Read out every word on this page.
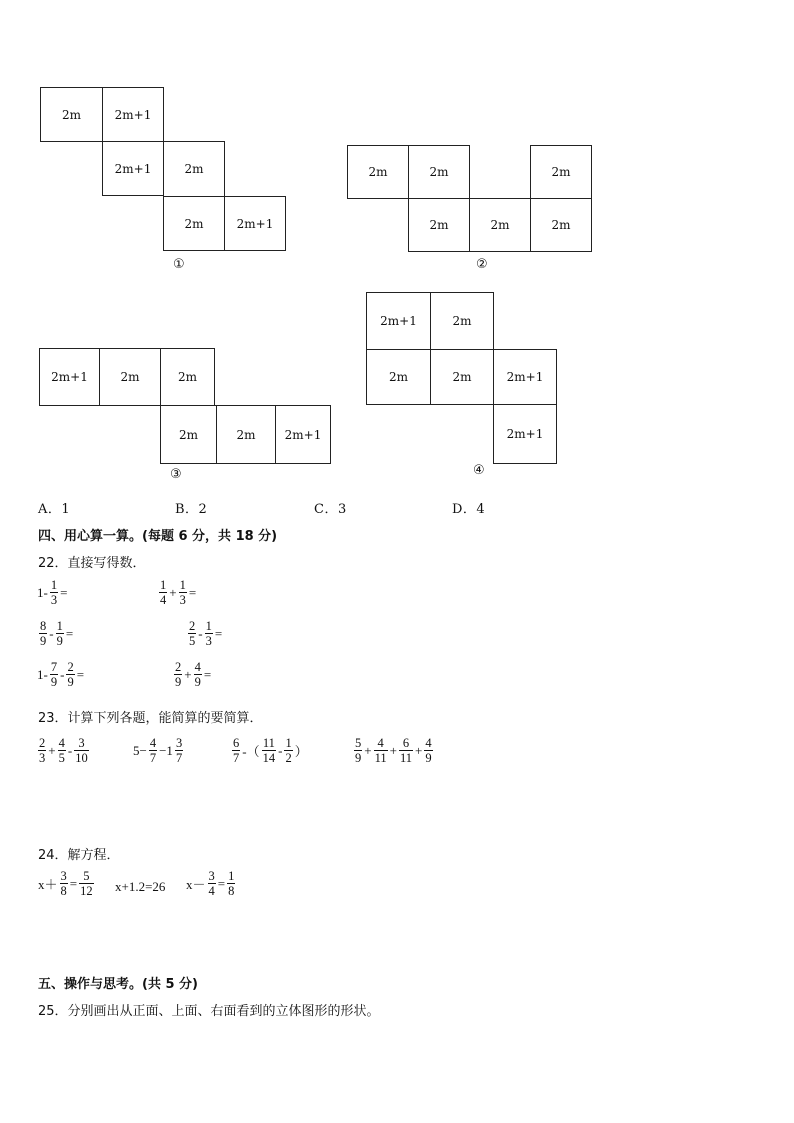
2m	2m+1
2m+1	2m
2m	2m+1
①
2m	2m	2m
2m	2m	2m
②
2m+1	2m	2m
2m	2m	2m+1
③
2m+1	2m
2m	2m	2m+1
2m+1
④
A．1	B．2	C．3	D．4
四、用心算一算。(每题 6 分，共 18 分)
22．直接写得数．
$1- \frac{1}{3}$ =	$\frac{1}{4} + \frac{1}{3}$ =
$\frac{8}{9} - \frac{1}{9}$ =	$\frac{2}{5} - \frac{1}{3}$ =
$1- \frac{7}{9} - \frac{2}{9}$ =	$\frac{2}{9} + \frac{4}{9}$ =
23．计算下列各题，能简算的要简算．
$\frac{2}{3} + \frac{4}{5} - \frac{3}{10}$	$5- \frac{4}{7} -1 \frac{3}{7}$	$\frac{6}{7}$ -（ $\frac{11}{14} - \frac{1}{2}$ ）	$\frac{5}{9} + \frac{4}{11} + \frac{6}{11} + \frac{4}{9}$
24．解方程．
$x+ \frac{3}{8} = \frac{5}{12} x+1.2=26$ $x- \frac{3}{4} = \frac{1}{8}$
五、操作与思考。(共 5 分)
25．分别画出从正面、上面、右面看到的立体图形的形状。
